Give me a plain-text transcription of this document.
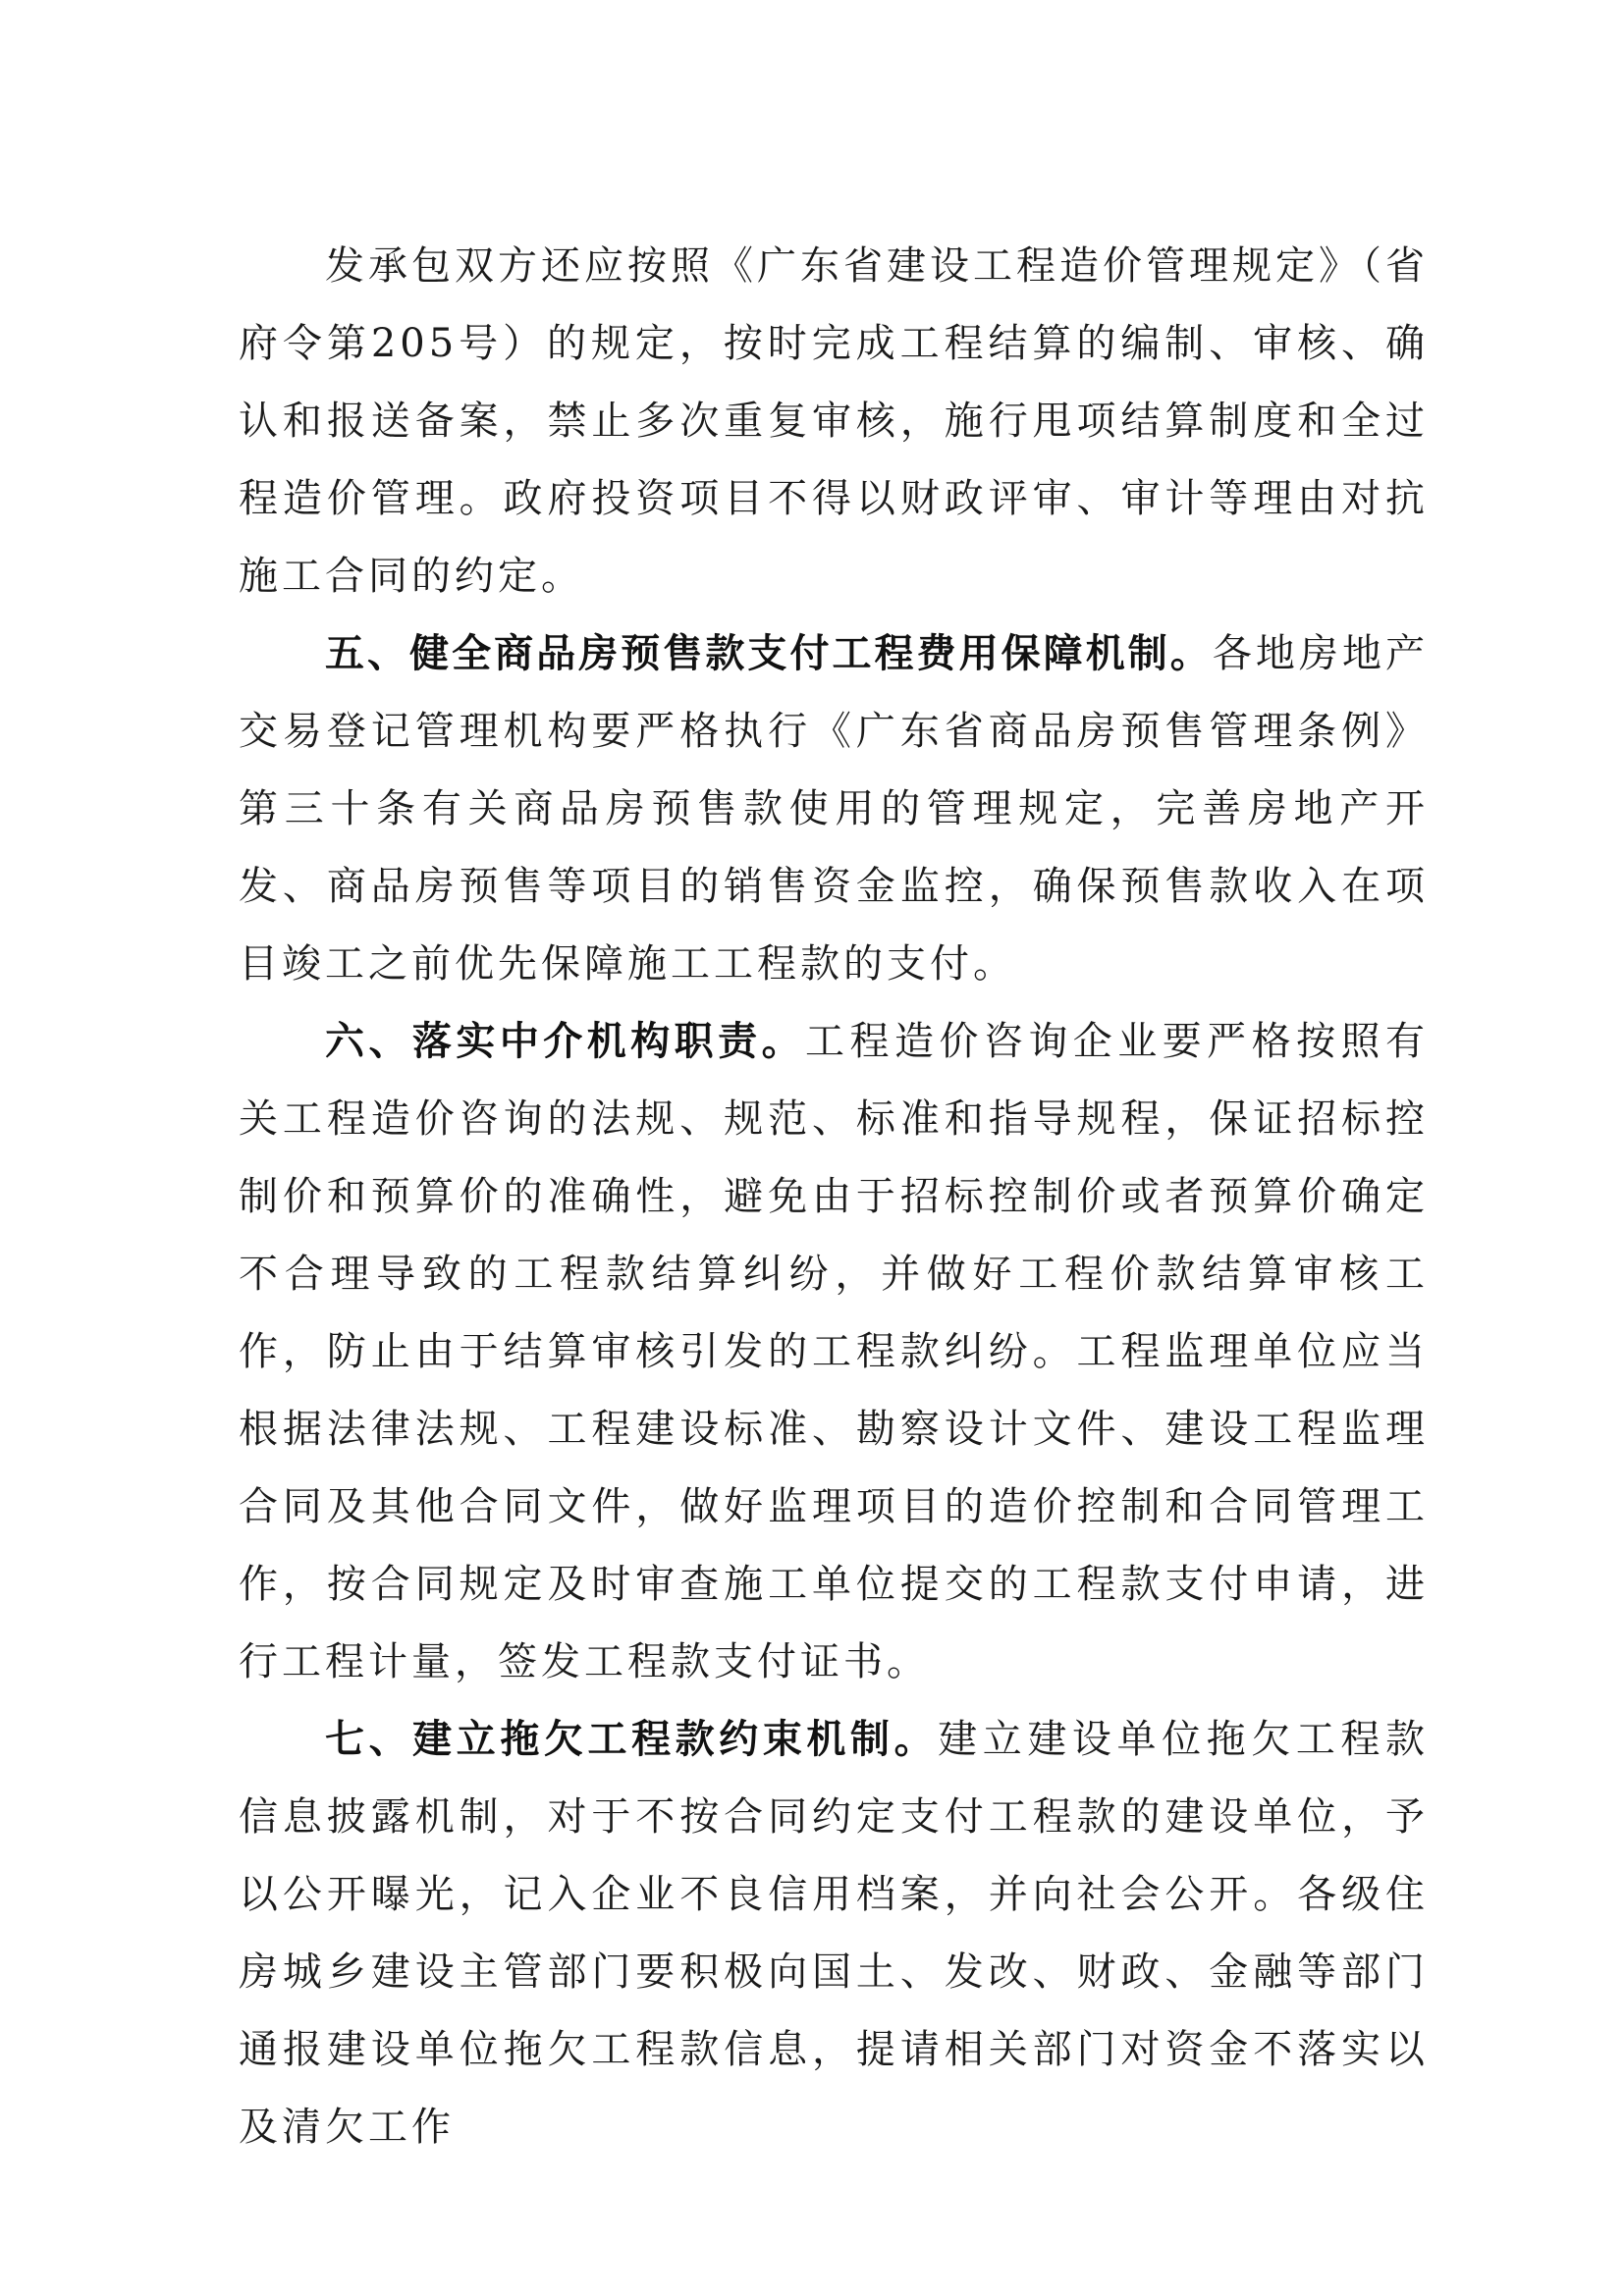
发承包双方还应按照《广东省建设工程造价管理规定》（省府令第205号）的规定，按时完成工程结算的编制、审核、确认和报送备案，禁止多次重复审核，施行甩项结算制度和全过程造价管理。政府投资项目不得以财政评审、审计等理由对抗施工合同的约定。

五、健全商品房预售款支付工程费用保障机制。各地房地产交易登记管理机构要严格执行《广东省商品房预售管理条例》第三十条有关商品房预售款使用的管理规定，完善房地产开发、商品房预售等项目的销售资金监控，确保预售款收入在项目竣工之前优先保障施工工程款的支付。

六、落实中介机构职责。工程造价咨询企业要严格按照有关工程造价咨询的法规、规范、标准和指导规程，保证招标控制价和预算价的准确性，避免由于招标控制价或者预算价确定不合理导致的工程款结算纠纷，并做好工程价款结算审核工作，防止由于结算审核引发的工程款纠纷。工程监理单位应当根据法律法规、工程建设标准、勘察设计文件、建设工程监理合同及其他合同文件，做好监理项目的造价控制和合同管理工作，按合同规定及时审查施工单位提交的工程款支付申请，进行工程计量，签发工程款支付证书。

七、建立拖欠工程款约束机制。建立建设单位拖欠工程款信息披露机制，对于不按合同约定支付工程款的建设单位，予以公开曝光，记入企业不良信用档案，并向社会公开。各级住房城乡建设主管部门要积极向国土、发改、财政、金融等部门通报建设单位拖欠工程款信息，提请相关部门对资金不落实以及清欠工作
